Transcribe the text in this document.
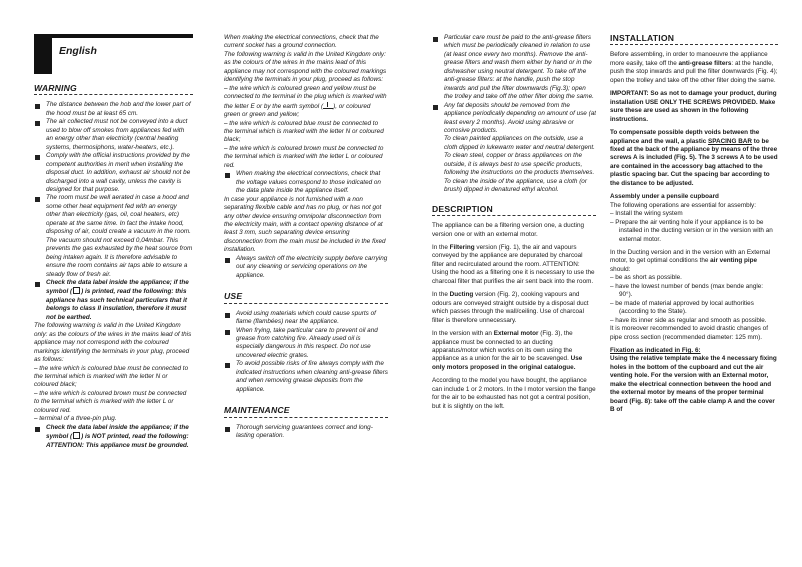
English
WARNING
The distance between the hob and the lower part of the hood must be at least 65 cm.
The air collected must not be conveyed into a duct used to blow off smokes from appliances fed with an energy other than electricity (central heating systems, thermosiphons, water-heaters, etc.).
Comply with the official instructions provided by the competent authorities in merit when installing the disposal duct. In addition, exhaust air should not be discharged into a wall cavity, unless the cavity is designed for that purpose.
The room must be well aerated in case a hood and some other heat equipment fed with an energy other than electricity (gas, oil, coal heaters, etc) operate at the same time. In fact the intake hood, disposing of air, could create a vacuum in the room. The vacuum should not exceed 0,04mbar. This prevents the gas exhausted by the heat source from being intaken again. It is therefore advisable to ensure the room contains air taps able to ensure a steady flow of fresh air.
Check the data label inside the appliance; if the symbol ( ) is printed, read the following: this appliance has such technical particulars that it belongs to class II insulation, therefore it must not be earthed.

The following warning is valid in the United Kingdom only: as the colours of the wires in the mains lead of this appliance may not correspond with the coloured markings identifying the terminals in your plug, proceed as follows:

– the wire which is coloured blue must be connected to the terminal which is marked with the letter N or coloured black;

– the wire which is coloured brown must be connected to the terminal which is marked with the letter L or coloured red.

– terminal of a three-pin plug.

Check the data label inside the appliance; if the symbol ( ) is NOT printed, read the following: ATTENTION: This appliance must be grounded.

When making the electrical connections, check that the current socket has a ground connection.

The following warning is valid in the United Kingdom only: as the colours of the wires in the mains lead of this appliance may not correspond with the coloured markings identifying the terminals in your plug, proceed as follows:

– the wire which is coloured green and yellow must be connected to the terminal in the plug which is marked with the letter E or by the earth symbol ( ), or coloured green or green and yellow;

– the wire which is coloured blue must be connected to the terminal which is marked with the letter N or coloured black;

– the wire which is coloured brown must be connected to the terminal which is marked with the letter L or coloured red.

When making the electrical connections, check that the voltage values correspond to those indicated on the data plate inside the appliance itself.

In case your appliance is not furnished with a non separating flexible cable and has no plug, or has not got any other device ensuring omnipolar disconnection from the electricity main, with a contact opening distance of at least 3 mm, such separating device ensuring disconnection from the main must be included in the fixed installation.

Always switch off the electricity supply before carrying out any cleaning or servicing operations on the appliance.
USE
Avoid using materials which could cause spurts of flame (flambées) near the appliance.
When frying, take particular care to prevent oil and grease from catching fire. Already used oil is especially dangerous in this respect. Do not use uncovered electric grates.
To avoid possible risks of fire always comply with the indicated instructions when cleaning anti-grease filters and when removing grease deposits from the appliance.
MAINTENANCE
Thorough servicing guarantees correct and long-lasting operation.
Particular care must be paid to the anti-grease filters which must be periodically cleaned in relation to use (at least once every two months). Remove the anti-grease filters and wash them either by hand or in the dishwasher using neutral detergent. To take off the anti-grease filters: at the handle, push the stop inwards and pull the filter downwards (Fig.3); open the trolley and take off the other filter doing the same.
Any fat deposits should be removed from the appliance periodically depending on amount of use (at least every 2 months). Avoid using abrasive or corrosive products.

To clean painted appliances on the outside, use a cloth dipped in lukewarm water and neutral detergent. To clean steel, copper or brass appliances on the outside, it is always best to use specific products, following the instructions on the products themselves. To clean the inside of the appliance, use a cloth (or brush) dipped in denatured ethyl alcohol.

DESCRIPTION

The appliance can be a filtering version one, a ducting version one or with an external motor.

In the Filtering version (Fig. 1), the air and vapours conveyed by the appliance are depurated by charcoal filter and recirculated around the room. ATTENTION: Using the hood as a filtering one it is necessary to use the charcoal filter that purifies the air sent back into the room.

In the Ducting version (Fig. 2), cooking vapours and odours are conveyed straight outside by a disposal duct which passes through the wall/ceiling. Use of charcoal filter is therefore unnecessary.

In the version with an External motor (Fig. 3), the appliance must be connected to an ducting apparatus/motor which works on its own using the appliance as a union for the air to be scavenged. Use only motors proposed in the original catalogue.

According to the model you have bought, the appliance can include 1 or 2 motors. In the l motor version the flange for the air to be exhausted has not got a central position, but it is slightly on the left.

INSTALLATION

Before assembling, in order to manoeuvre the appliance more easily, take off the anti-grease filters: at the handle, push the stop inwards and pull the filter downwards (Fig. 4); open the trolley and take off the other filter doing the same.

IMPORTANT: So as not to damage your product, during installation USE ONLY THE SCREWS PROVIDED. Make sure these are used as shown in the following instructions.

To compensate possible depth voids between the appliance and the wall, a plastic SPACING BAR to be fixed at the back of the appliance by means of the three screws A is included (Fig. 5). The 3 screws A to be used are contained in the accessory bag attached to the plastic spacing bar. Cut the spacing bar according to the distance to be adjusted.

Assembly under a pensile cupboard

The following operations are essential for assembly:

– Install the wiring system

– Prepare the air venting hole if your appliance is to be installed in the ducting version or in the version with an external motor.

In the Ducting version and in the version with an External motor, to get optimal conditions the air venting pipe should:

– be as short as possible.

– have the lowest number of bends (max bende angle: 90°).

– be made of material approved by local authorities (according to the State).

– have its inner side as regular and smooth as possible.

It is moreover recommended to avoid drastic changes of pipe cross section (recommended diameter: 125 mm).

Fixation as indicated in Fig. 6:

Using the relative template make the 4 necessary fixing holes in the bottom of the cupboard and cut the air venting hole. For the version with an External motor, make the electrical connection between the hood and the external motor by means of the proper terminal board (Fig. 8): take off the cable clamp A and the cover B of
